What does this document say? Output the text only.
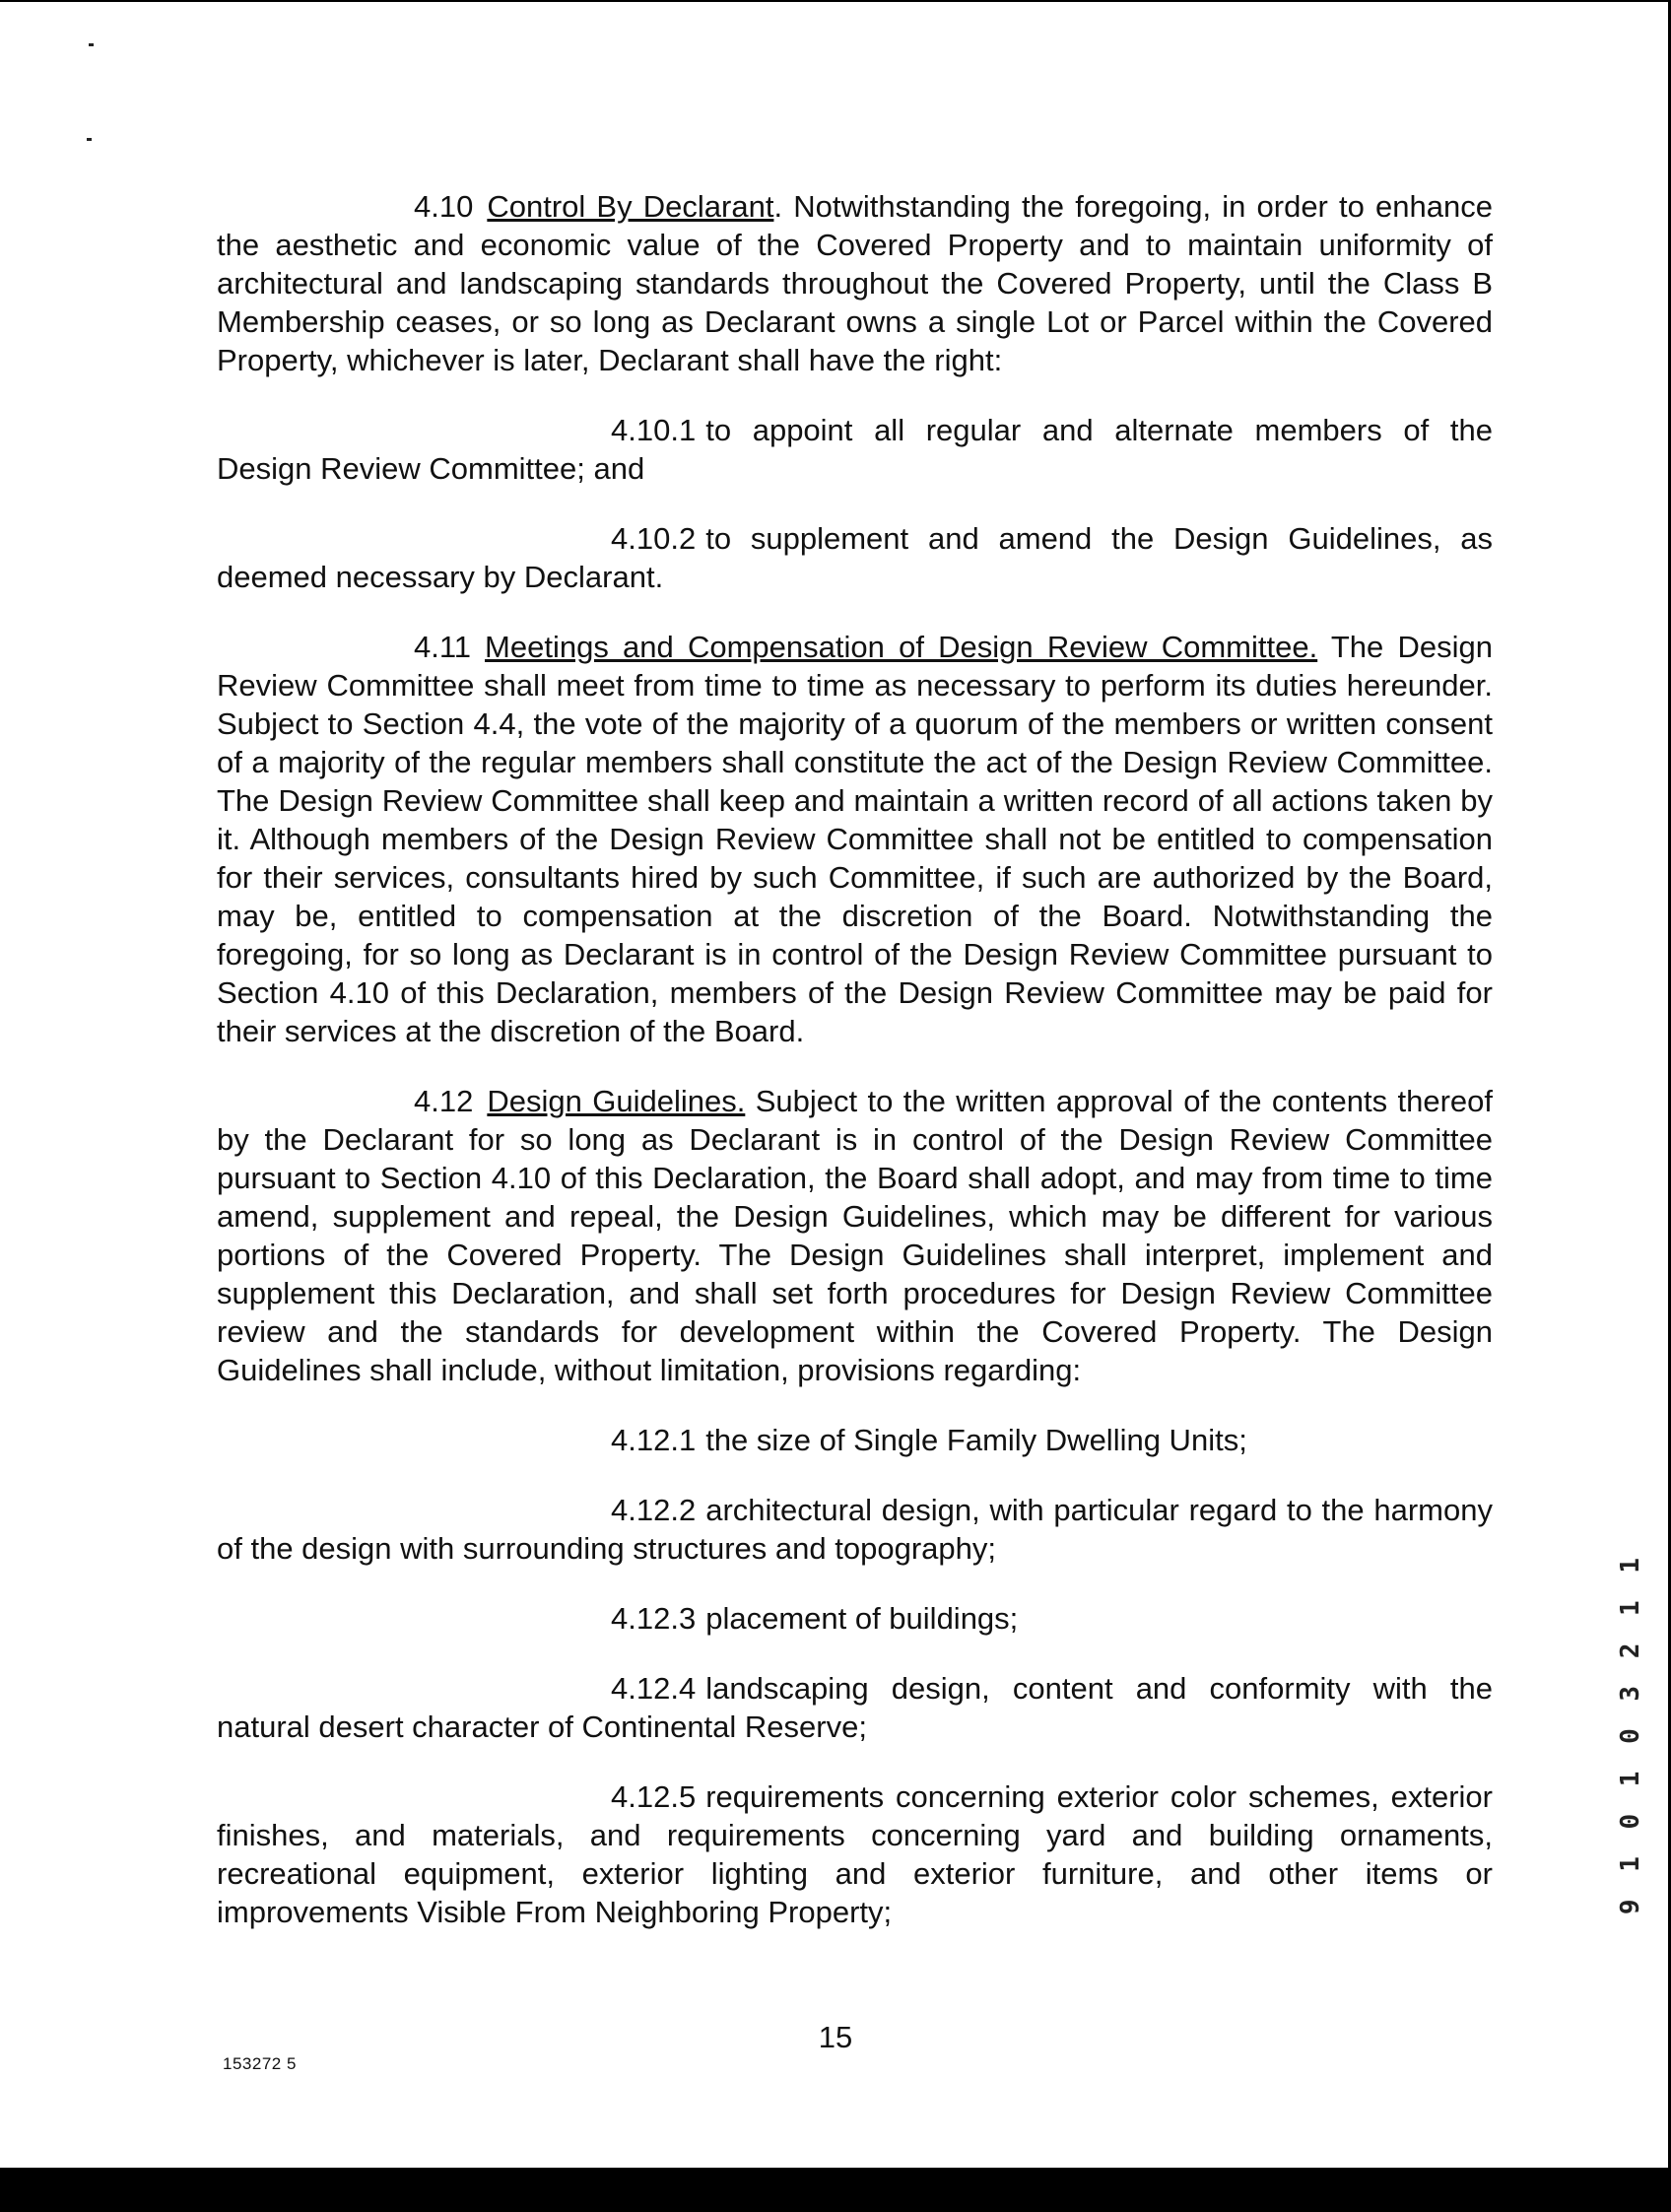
4.10 Control By Declarant. Notwithstanding the foregoing, in order to enhance the aesthetic and economic value of the Covered Property and to maintain uniformity of architectural and landscaping standards throughout the Covered Property, until the Class B Membership ceases, or so long as Declarant owns a single Lot or Parcel within the Covered Property, whichever is later, Declarant shall have the right:

4.10.1 to appoint all regular and alternate members of the Design Review Committee; and

4.10.2 to supplement and amend the Design Guidelines, as deemed necessary by Declarant.

4.11 Meetings and Compensation of Design Review Committee. The Design Review Committee shall meet from time to time as necessary to perform its duties hereunder. Subject to Section 4.4, the vote of the majority of a quorum of the members or written consent of a majority of the regular members shall constitute the act of the Design Review Committee. The Design Review Committee shall keep and maintain a written record of all actions taken by it. Although members of the Design Review Committee shall not be entitled to compensation for their services, consultants hired by such Committee, if such are authorized by the Board, may be, entitled to compensation at the discretion of the Board. Notwithstanding the foregoing, for so long as Declarant is in control of the Design Review Committee pursuant to Section 4.10 of this Declaration, members of the Design Review Committee may be paid for their services at the discretion of the Board.

4.12 Design Guidelines. Subject to the written approval of the contents thereof by the Declarant for so long as Declarant is in control of the Design Review Committee pursuant to Section 4.10 of this Declaration, the Board shall adopt, and may from time to time amend, supplement and repeal, the Design Guidelines, which may be different for various portions of the Covered Property. The Design Guidelines shall interpret, implement and supplement this Declaration, and shall set forth procedures for Design Review Committee review and the standards for development within the Covered Property. The Design Guidelines shall include, without limitation, provisions regarding:

4.12.1 the size of Single Family Dwelling Units;

4.12.2 architectural design, with particular regard to the harmony of the design with surrounding structures and topography;

4.12.3 placement of buildings;

4.12.4 landscaping design, content and conformity with the natural desert character of Continental Reserve;

4.12.5 requirements concerning exterior color schemes, exterior finishes, and materials, and requirements concerning yard and building ornaments, recreational equipment, exterior lighting and exterior furniture, and other items or improvements Visible From Neighboring Property;

15
153272 5
9 1 0 1 0 3 2 1 1
